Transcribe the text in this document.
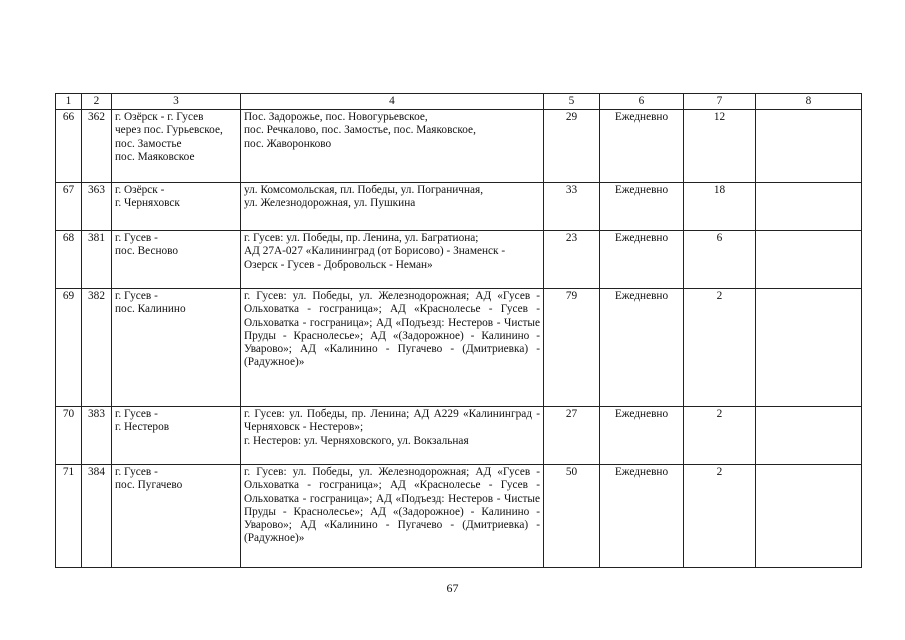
1	2	3	4	5	6	7	8
66	362	г. Озёрск - г. Гусев
через пос. Гурьевское,
пос. Замостье
пос. Маяковское	Пос. Задорожье, пос. Новогурьевское,
пос. Речкалово, пос. Замостье, пос. Маяковское,
пос. Жаворонково	29	Ежедневно	12	
67	363	г. Озёрск -
г. Черняховск	ул. Комсомольская, пл. Победы, ул. Пограничная,
ул. Железнодорожная, ул. Пушкина	33	Ежедневно	18	
68	381	г. Гусев -
пос. Весново	г. Гусев: ул. Победы, пр. Ленина, ул. Багратиона;
АД 27А-027 «Калининград (от Борисово) - Знаменск -
Озерск - Гусев - Добровольск - Неман»	23	Ежедневно	6	
69	382	г. Гусев -
пос. Калинино	г. Гусев: ул. Победы, ул. Железнодорожная; АД «Гусев - Ольховатка - госграница»; АД «Краснолесье - Гусев - Ольховатка - госграница»; АД «Подъезд: Нестеров - Чистые Пруды - Краснолесье»; АД «(Задорожное) - Калинино - Уварово»; АД «Калинино - Пугачево - (Дмитриевка) - (Радужное)»	79	Ежедневно	2	
70	383	г. Гусев -
г. Нестеров	г. Гусев: ул. Победы, пр. Ленина; АД А229 «Калининград - Черняховск - Нестеров»;
г. Нестеров: ул. Черняховского, ул. Вокзальная	27	Ежедневно	2	
71	384	г. Гусев -
пос. Пугачево	г. Гусев: ул. Победы, ул. Железнодорожная; АД «Гусев - Ольховатка - госграница»; АД «Краснолесье - Гусев - Ольховатка - госграница»; АД «Подъезд: Нестеров - Чистые Пруды - Краснолесье»; АД «(Задорожное) - Калинино - Уварово»; АД «Калинино - Пугачево - (Дмитриевка) - (Радужное)»	50	Ежедневно	2	
67
